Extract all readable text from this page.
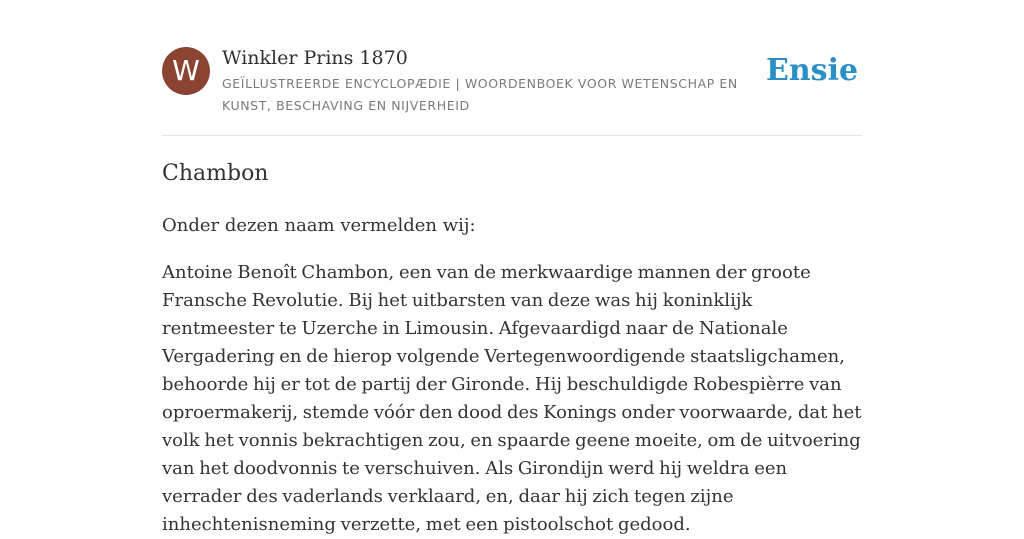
W	Winkler Prins 1870
GEÏLLUSTREERDE ENCYCLOPÆDIE | WOORDENBOEK VOOR WETENSCHAP EN KUNST, BESCHAVING EN NIJVERHEID
Ensie
Chambon
Onder dezen naam vermelden wij:

Antoine Benoît Chambon, een van de merkwaardige mannen der groote Fransche Revolutie. Bij het uitbarsten van deze was hij koninklijk rentmeester te Uzerche in Limousin. Afgevaardigd naar de Nationale Vergadering en de hierop volgende Vertegenwoordigende staatsligchamen, behoorde hij er tot de partij der Gironde. Hij beschuldigde Robespièrre van oproermakerij, stemde vóór den dood des Konings onder voorwaarde, dat het volk het vonnis bekrachtigen zou, en spaarde geene moeite, om de uitvoering van het doodvonnis te verschuiven. Als Girondijn werd hij weldra een verrader des vaderlands verklaard, en, daar hij zich tegen zijne inhechtenisneming verzette, met een pistoolschot gedood.
